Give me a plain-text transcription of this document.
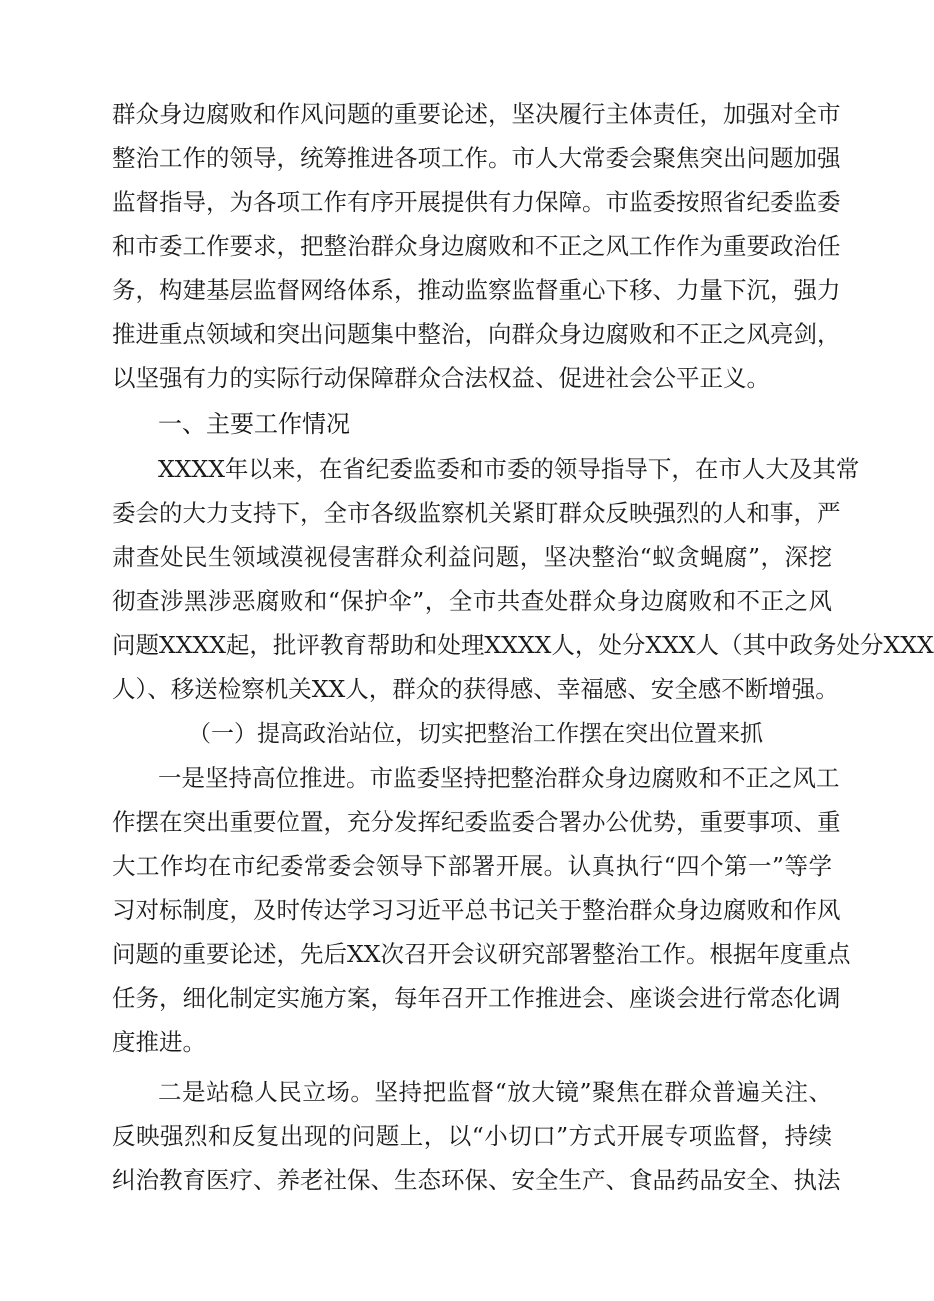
群众身边腐败和作风问题的重要论述，坚决履行主体责任，加强对全市
整治工作的领导，统筹推进各项工作。市人大常委会聚焦突出问题加强
监督指导，为各项工作有序开展提供有力保障。市监委按照省纪委监委
和市委工作要求，把整治群众身边腐败和不正之风工作作为重要政治任
务，构建基层监督网络体系，推动监察监督重心下移、力量下沉，强力
推进重点领域和突出问题集中整治，向群众身边腐败和不正之风亮剑，
以坚强有力的实际行动保障群众合法权益、促进社会公平正义。
一、主要工作情况
XXXX年以来，在省纪委监委和市委的领导指导下，在市人大及其常
委会的大力支持下，全市各级监察机关紧盯群众反映强烈的人和事，严
肃查处民生领域漠视侵害群众利益问题，坚决整治“蚁贪蝇腐”，深挖
彻查涉黑涉恶腐败和“保护伞”，全市共查处群众身边腐败和不正之风
问题XXXX起，批评教育帮助和处理XXXX人，处分XXX人（其中政务处分XXX
人）、移送检察机关XX人，群众的获得感、幸福感、安全感不断增强。
（一）提高政治站位，切实把整治工作摆在突出位置来抓
一是坚持高位推进。市监委坚持把整治群众身边腐败和不正之风工
作摆在突出重要位置，充分发挥纪委监委合署办公优势，重要事项、重
大工作均在市纪委常委会领导下部署开展。认真执行“四个第一”等学
习对标制度，及时传达学习习近平总书记关于整治群众身边腐败和作风
问题的重要论述，先后XX次召开会议研究部署整治工作。根据年度重点
任务，细化制定实施方案，每年召开工作推进会、座谈会进行常态化调
度推进。
二是站稳人民立场。坚持把监督“放大镜”聚焦在群众普遍关注、
反映强烈和反复出现的问题上，以“小切口”方式开展专项监督，持续
纠治教育医疗、养老社保、生态环保、安全生产、食品药品安全、执法
